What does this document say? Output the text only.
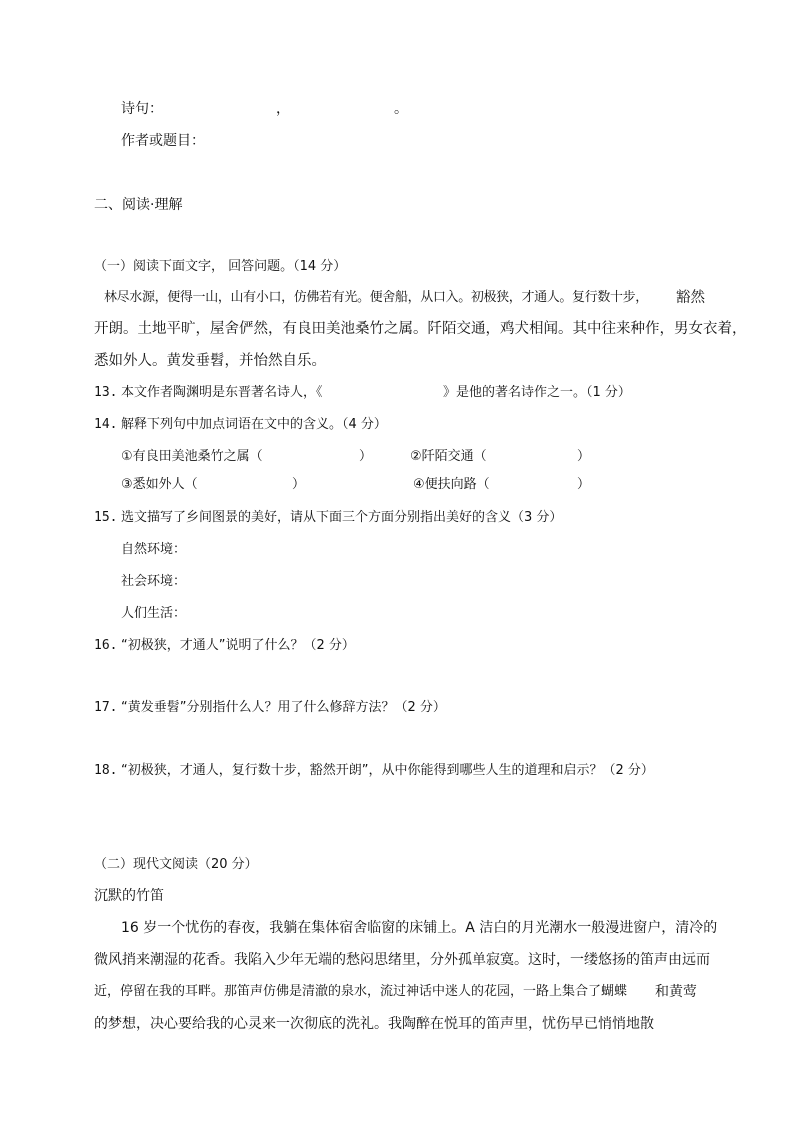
诗句：	，	。
作者或题目：
二、阅读·理解
（一）阅读下面文字， 回答问题。（14 分）
林尽水源，便得一山，山有小口，仿佛若有光。便舍船，从口入。初极狭，才通人。复行数十步， 豁然
开朗。土地平旷，屋舍俨然，有良田美池桑竹之属。阡陌交通，鸡犬相闻。其中往来种作，男女衣着，
悉如外人。黄发垂髫，并怡然自乐。
13. 本文作者陶渊明是东晋著名诗人，《	》是他的著名诗作之一。（1 分）
14. 解释下列句中加点词语在文中的含义。（4 分）
①有良田美池桑竹之属（	）	②阡陌交通（	）
③悉如外人（	）	④便扶向路（	）
15. 选文描写了乡间图景的美好，请从下面三个方面分别指出美好的含义（3 分）
自然环境：
社会环境：
人们生活：
16. “初极狭，才通人”说明了什么？（2 分）
17. “黄发垂髫”分别指什么人？用了什么修辞方法？（2 分）
18. “初极狭，才通人，复行数十步，豁然开朗”，从中你能得到哪些人生的道理和启示？（2 分）
（二）现代文阅读（20 分）
沉默的竹笛
16 岁一个忧伤的春夜，我躺在集体宿舍临窗的床铺上。A 洁白的月光潮水一般漫进窗户，清冷的
微风捎来潮湿的花香。我陷入少年无端的愁闷思绪里，分外孤单寂寞。这时，一缕悠扬的笛声由远而
近，停留在我的耳畔。那笛声仿佛是清澈的泉水，流过神话中迷人的花园，一路上集合了蝴蝶 和黄莺
的梦想，决心要给我的心灵来一次彻底的洗礼。我陶醉在悦耳的笛声里，忧伤早已悄悄地散
